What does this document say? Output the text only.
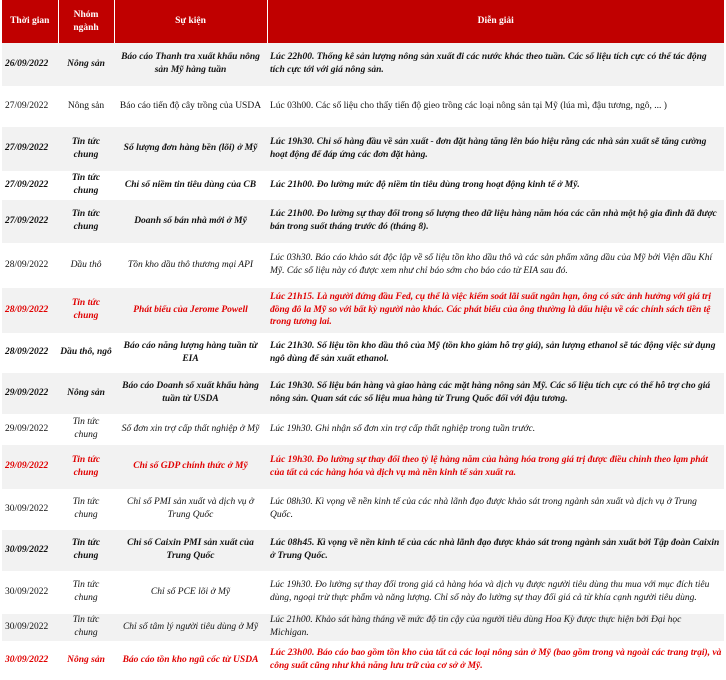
Thời gian	Nhóm ngành	Sự kiện	Diễn giải
26/09/2022	Nông sản	Báo cáo Thanh tra xuất khẩu nông sản Mỹ hàng tuần	Lúc 22h00. Thống kê sản lượng nông sản xuất đi các nước khác theo tuần. Các số liệu tích cực có thể tác động tích cực tới với giá nông sản.
27/09/2022	Nông sản	Báo cáo tiến độ cây trồng của USDA	Lúc 03h00. Các số liệu cho thấy tiến độ gieo trồng các loại nông sản tại Mỹ (lúa mì, đậu tương, ngô, ... )
27/09/2022	Tin tức chung	Số lượng đơn hàng bền (lõi) ở Mỹ	Lúc 19h30. Chỉ số hàng đầu về sản xuất - đơn đặt hàng tăng lên báo hiệu rằng các nhà sản xuất sẽ tăng cường hoạt động để đáp ứng các đơn đặt hàng.
27/09/2022	Tin tức chung	Chỉ số niềm tin tiêu dùng của CB	Lúc 21h00. Đo lường mức độ niềm tin tiêu dùng trong hoạt động kinh tế ở Mỹ.
27/09/2022	Tin tức chung	Doanh số bán nhà mới ở Mỹ	Lúc 21h00. Đo lường sự thay đổi trong số lượng theo dữ liệu hàng năm hóa các căn nhà một hộ gia đình đã được bán trong suốt tháng trước đó (tháng 8).
28/09/2022	Dầu thô	Tồn kho dầu thô thương mại API	Lúc 03h30. Báo cáo khảo sát độc lập về số liệu tồn kho dầu thô và các sản phẩm xăng dầu của Mỹ bởi Viện dầu Khí Mỹ. Các số liệu này có được xem như chỉ báo sớm cho báo cáo từ EIA sau đó.
28/09/2022	Tin tức chung	Phát biểu của Jerome Powell	Lúc 21h15. Là người đứng đầu Fed, cụ thể là việc kiểm soát lãi suất ngân hạn, ông có sức ảnh hưởng với giá trị đồng đô la Mỹ so với bất kỳ người nào khác. Các phát biểu của ông thường là dấu hiệu về các chính sách tiền tệ trong tương lai.
28/09/2022	Dầu thô, ngô	Báo cáo năng lượng hàng tuần từ EIA	Lúc 21h30. Số liệu tồn kho dầu thô của Mỹ (tồn kho giảm hỗ trợ giá), sản lượng ethanol sẽ tác động việc sử dụng ngô dùng để sản xuất ethanol.
29/09/2022	Nông sản	Báo cáo Doanh số xuất khẩu hàng tuần từ USDA	Lúc 19h30. Số liệu bán hàng và giao hàng các mặt hàng nông sản Mỹ. Các số liệu tích cực có thể hỗ trợ cho giá nông sản. Quan sát các số liệu mua hàng từ Trung Quốc đối với đậu tương.
29/09/2022	Tin tức chung	Số đơn xin trợ cấp thất nghiệp ở Mỹ	Lúc 19h30. Ghi nhận số đơn xin trợ cấp thất nghiệp trong tuần trước.
29/09/2022	Tin tức chung	Chỉ số GDP chính thức ở Mỹ	Lúc 19h30. Đo lường sự thay đổi theo tỷ lệ hàng năm của hàng hóa trong giá trị được điều chỉnh theo lạm phát của tất cả các hàng hóa và dịch vụ mà nền kinh tế sản xuất ra.
30/09/2022	Tin tức chung	Chỉ số PMI sản xuất và dịch vụ ở Trung Quốc	Lúc 08h30. Kì vọng về nền kinh tế của các nhà lãnh đạo được khảo sát trong ngành sản xuất và dịch vụ ở Trung Quốc.
30/09/2022	Tin tức chung	Chỉ số Caixin PMI sản xuất của Trung Quốc	Lúc 08h45. Kì vọng về nền kinh tế của các nhà lãnh đạo được khảo sát trong ngành sản xuất bởi Tập đoàn Caixin ở Trung Quốc.
30/09/2022	Tin tức chung	Chỉ số PCE lõi ở Mỹ	Lúc 19h30. Đo lường sự thay đổi trong giá cả hàng hóa và dịch vụ được người tiêu dùng thu mua với mục đích tiêu dùng, ngoại trừ thực phẩm và năng lượng. Chỉ số này đo lường sự thay đổi giá cả từ khía cạnh người tiêu dùng.
30/09/2022	Tin tức chung	Chỉ số tâm lý người tiêu dùng ở Mỹ	Lúc 21h00. Khảo sát hàng tháng về mức độ tin cậy của người tiêu dùng Hoa Kỳ được thực hiện bởi Đại học Michigan.
30/09/2022	Nông sản	Báo cáo tồn kho ngũ cốc từ USDA	Lúc 23h00. Báo cáo bao gồm tồn kho của tất cả các loại nông sản ở Mỹ (bao gồm trong và ngoài các trang trại), và công suất cũng như khả năng lưu trữ của cơ sở ở Mỹ.
